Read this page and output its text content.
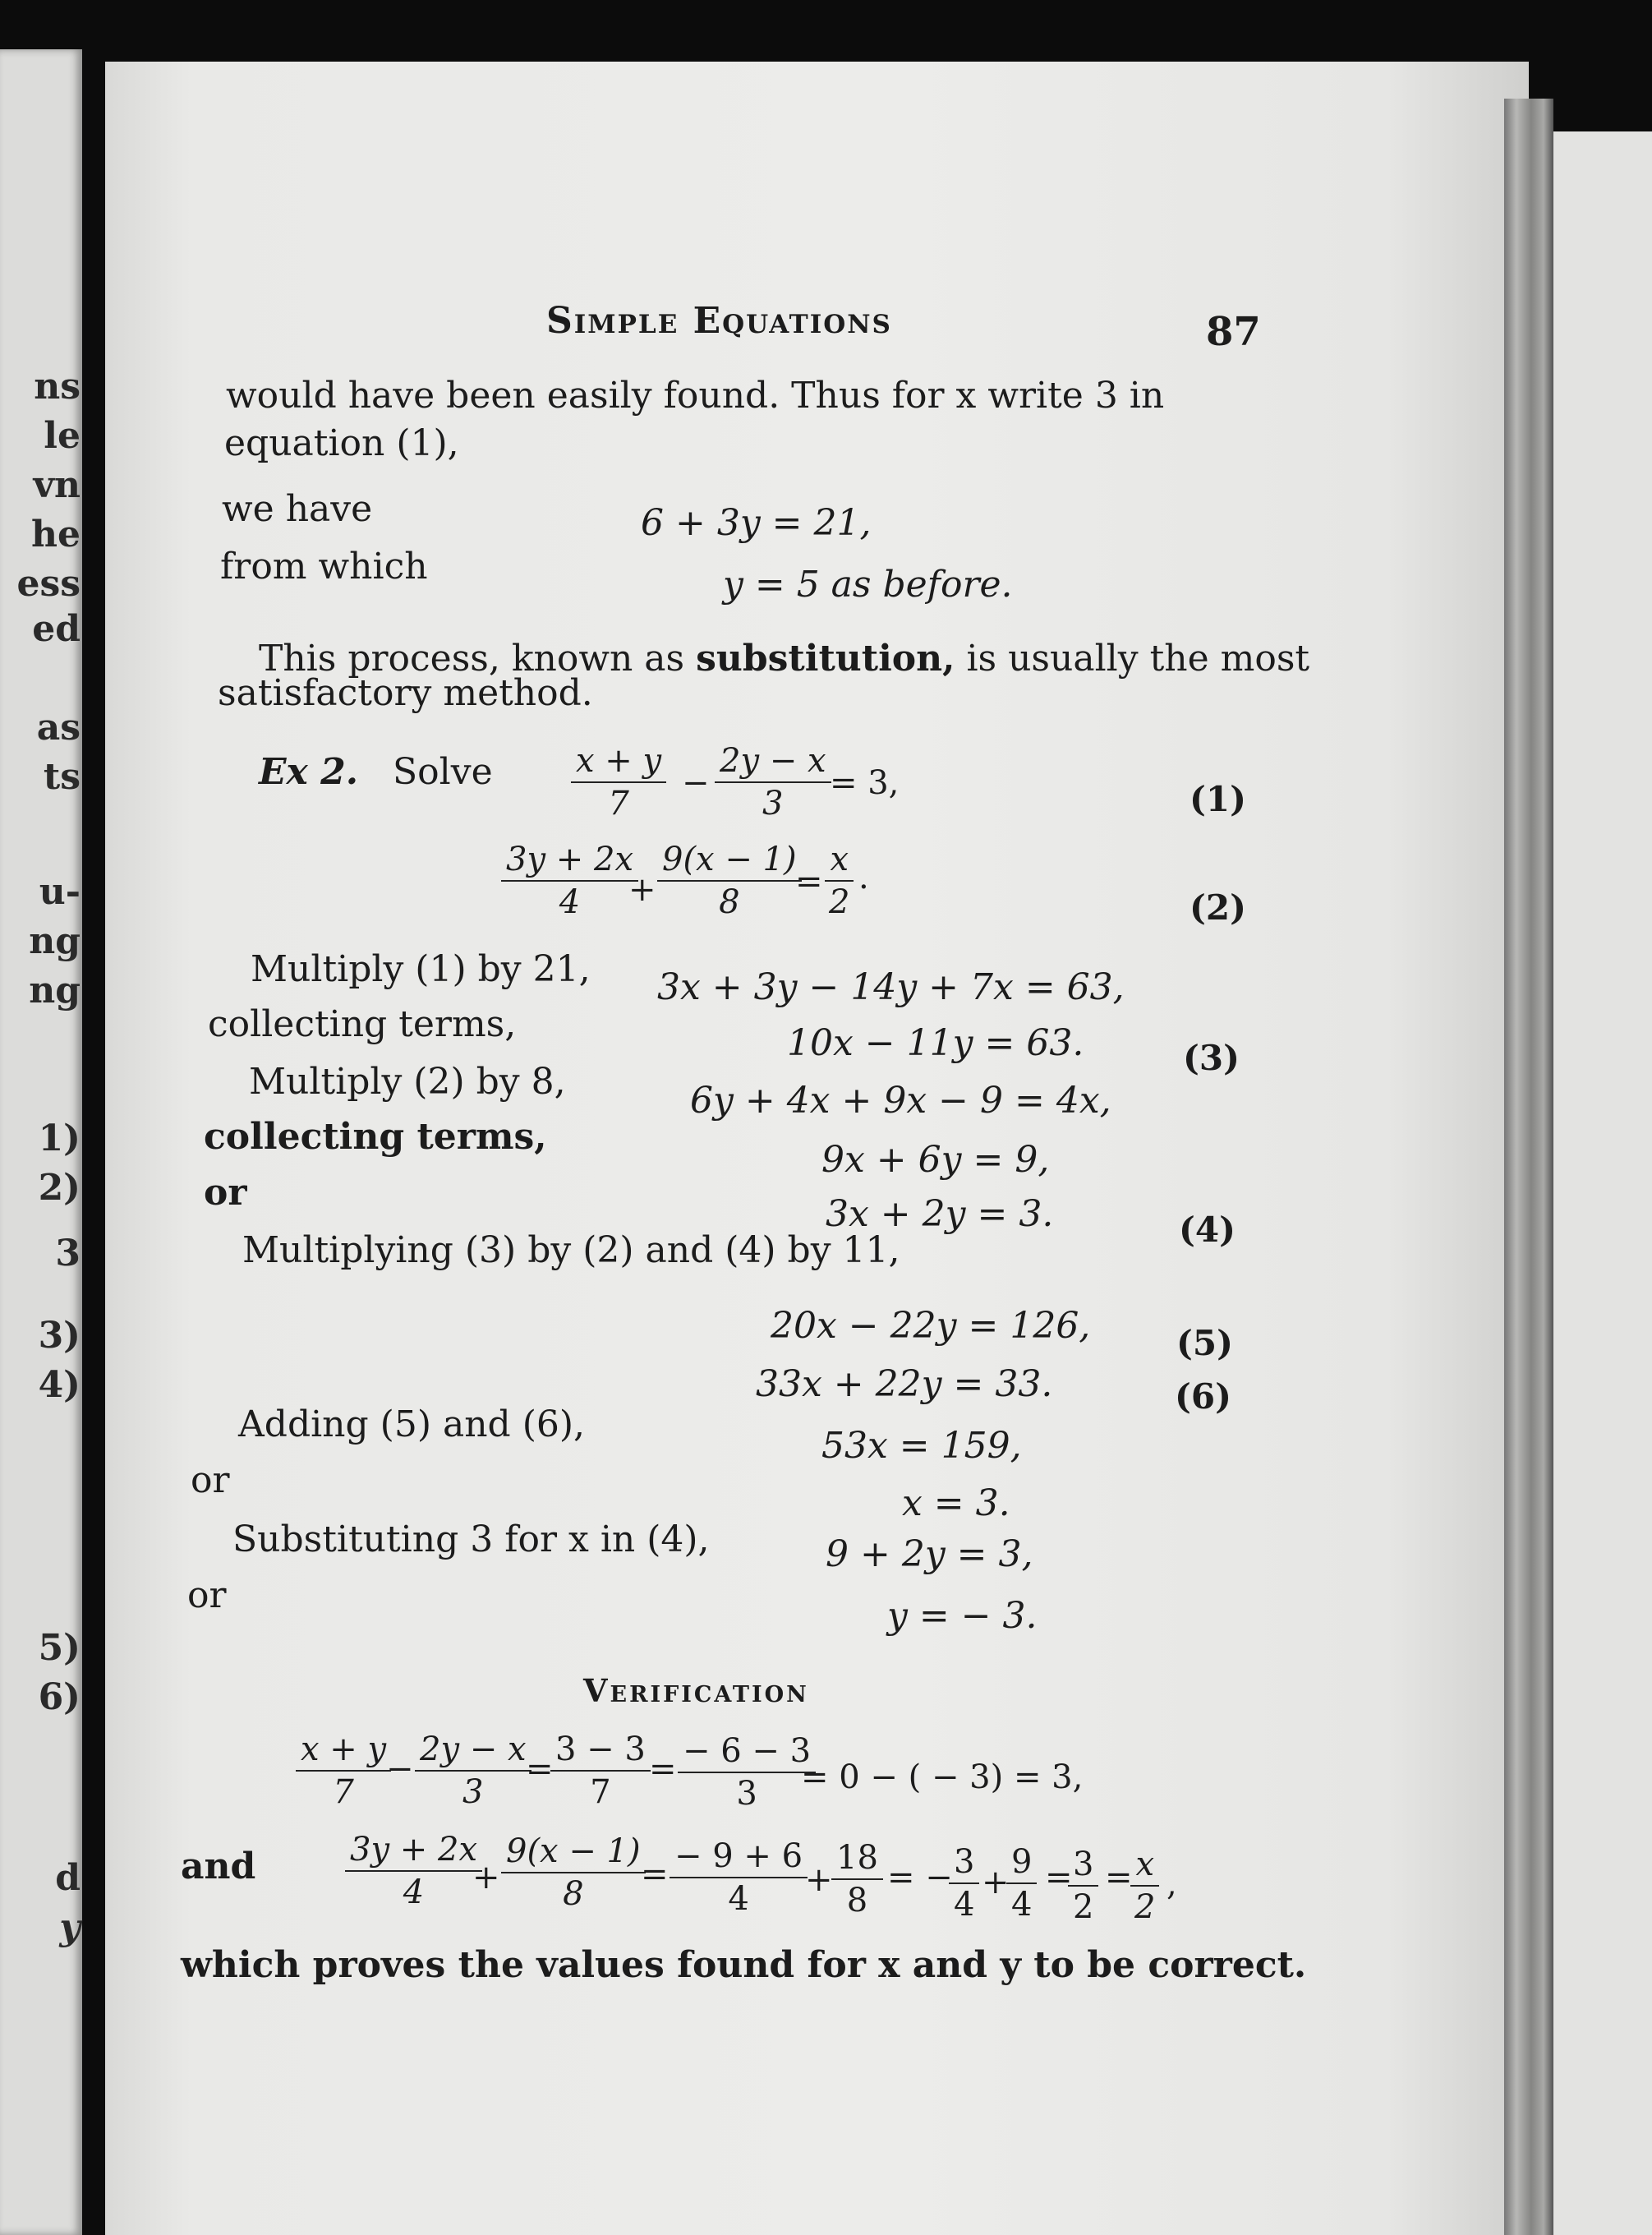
ns
le
vn
he
ess
ed
as
ts
u-
ng
ng
1)
2)
3
3)
4)
5)
6)
d
y
Simple Equations	87
would have been easily found. Thus for x write 3 in
equation (1),
we have	6 + 3y = 21,
from which	y = 5 as before.
This process, known as substitution, is usually the most
satisfactory method.
Ex 2. Solve $\frac{x + y}{7} - \frac{2y - x}{3}$
= 3,	(1)
$\frac{3y + 2x}{4}$
+ $\frac{9(x - 1)}{8}$
= $\frac{x}{2}$ .
(2)
Multiply (1) by 21, 3x + 3y − 14y + 7x = 63,
collecting terms,	10x − 11y = 63.	(3)
Multiply (2) by 8,	6y + 4x + 9x − 9 = 4x,
collecting terms,
9x + 6y = 9,
or
3x + 2y = 3.	(4)
Multiplying (3) by (2) and (4) by 11,
20x − 22y = 126, (5)
33x + 22y = 33.	(6)
Adding (5) and (6),
53x = 159,
or
x = 3.
Substituting 3 for x in (4),	9 + 2y = 3,
or	y = − 3.
Verification
$\frac{x + y}{7}$
− $\frac{2y - x}{3}$
=
$\frac{3 - 3}{7}$
= $\frac{- 6 - 3}{3}$
= 0 − ( − 3) = 3,
and	$\frac{3y + 2x}{4}$
+ $\frac{9(x - 1)}{8}$
= $\frac{- 9 + 6}{4}$
+
$\frac{18}{8}$ = −
$\frac{3}{4}$ +
$\frac{9}{4}$ =
$\frac{3}{2}$ =
$\frac{x}{2}$ ,
which proves the values found for x and y to be correct.
